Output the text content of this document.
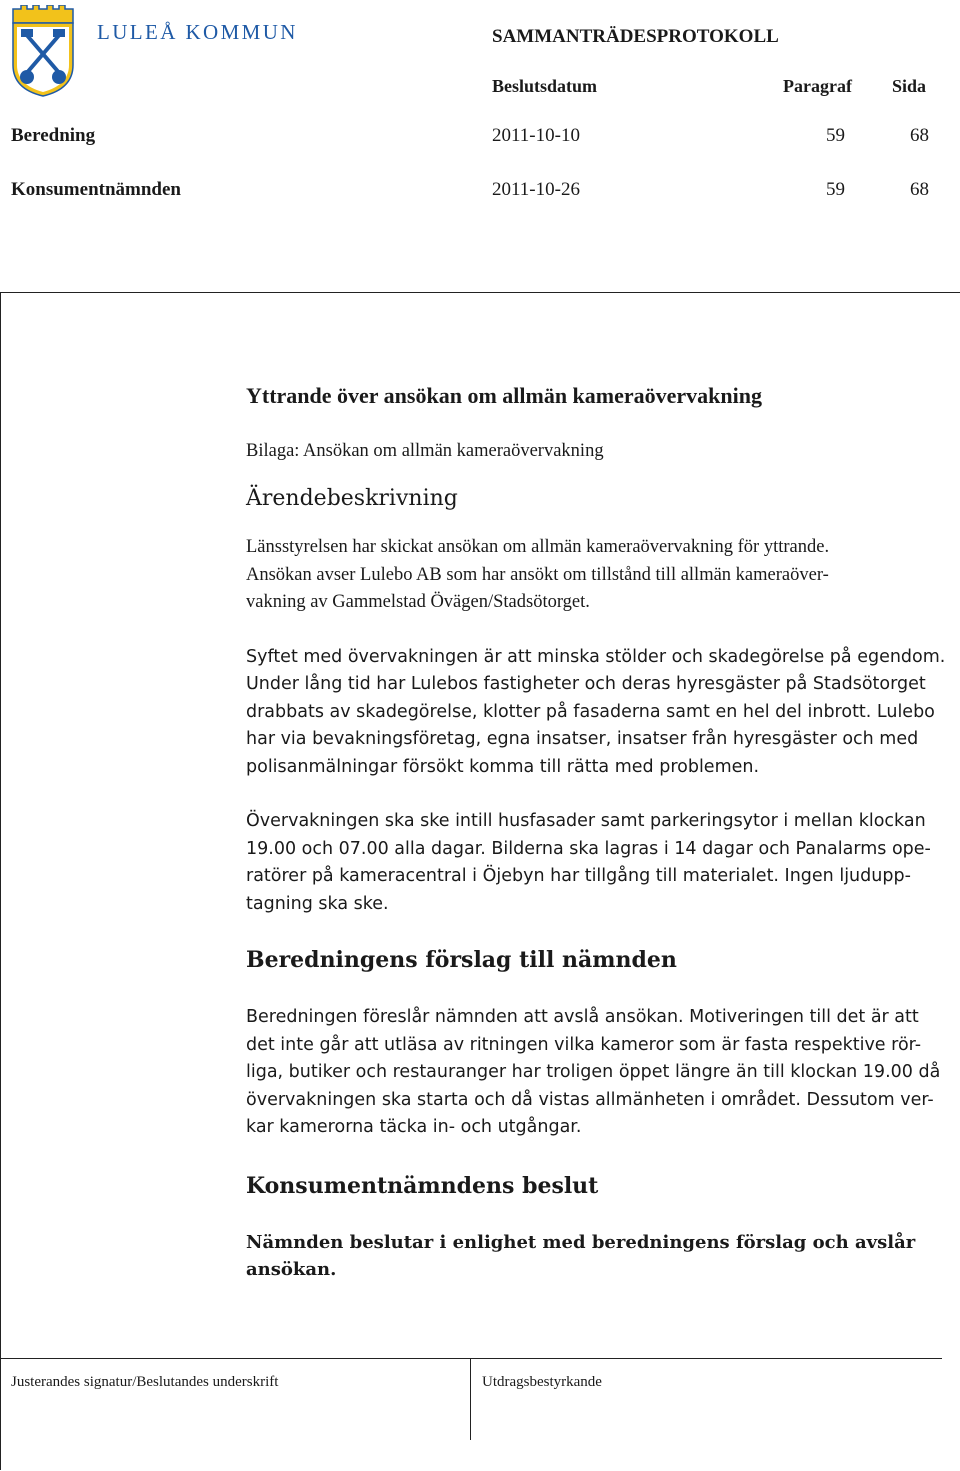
LULEÅ KOMMUN	SAMMANTRÄDESPROTOKOLL
Beslutsdatum	Paragraf Sida
Beredning	2011-10-10	59	68
Konsumentnämnden	2011-10-26	59	68
Yttrande över ansökan om allmän kameraövervakning
Bilaga: Ansökan om allmän kameraövervakning
Ärendebeskrivning

Länsstyrelsen har skickat ansökan om allmän kameraövervakning för yttrande.

Ansökan avser Lulebo AB som har ansökt om tillstånd till allmän kameraöver-

vakning av Gammelstad Övägen/Stadsötorget.

Syftet med övervakningen är att minska stölder och skadegörelse på egendom.

Under lång tid har Lulebos fastigheter och deras hyresgäster på Stadsötorget

drabbats av skadegörelse, klotter på fasaderna samt en hel del inbrott. Lulebo

har via bevakningsföretag, egna insatser, insatser från hyresgäster och med

polisanmälningar försökt komma till rätta med problemen.

Övervakningen ska ske intill husfasader samt parkeringsytor i mellan klockan

19.00 och 07.00 alla dagar. Bilderna ska lagras i 14 dagar och Panalarms ope-

ratörer på kameracentral i Öjebyn har tillgång till materialet. Ingen ljudupp-

tagning ska ske.

Beredningens förslag till nämnden

Beredningen föreslår nämnden att avslå ansökan. Motiveringen till det är att

det inte går att utläsa av ritningen vilka kameror som är fasta respektive rör-

liga, butiker och restauranger har troligen öppet längre än till klockan 19.00 då

övervakningen ska starta och då vistas allmänheten i området. Dessutom ver-

kar kamerorna täcka in- och utgångar.

Konsumentnämndens beslut

Nämnden beslutar i enlighet med beredningens förslag och avslår ansökan.

Justerandes signatur/Beslutandes underskrift	Utdragsbestyrkande
